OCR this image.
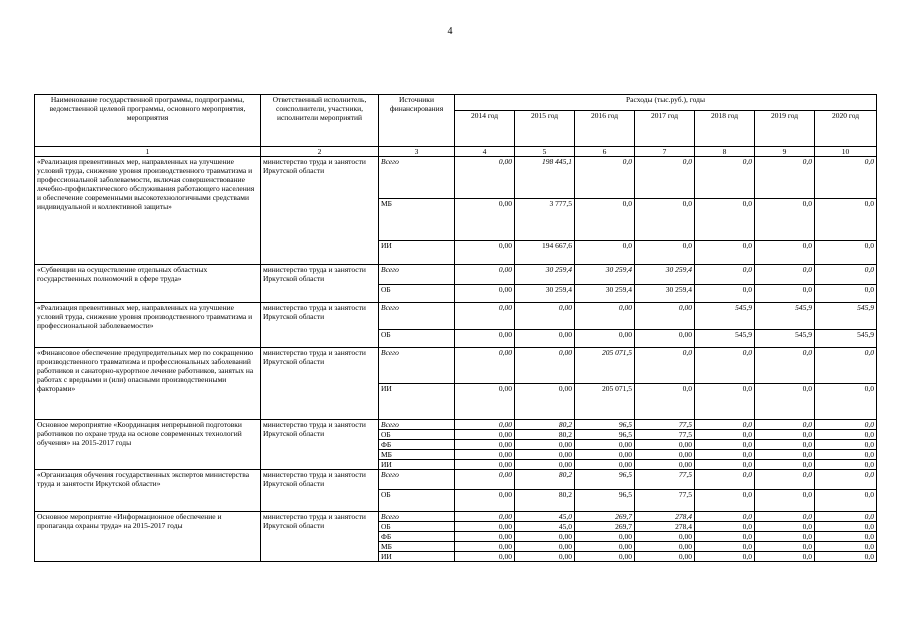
4
Наименование государственной программы, подпрограммы, ведомственной целевой программы, основного мероприятия, мероприятия	Ответственный исполнитель, соисполнители, участники, исполнители мероприятий	Источники финансирования	Расходы (тыс.руб.), годы						
			2014 год	2015 год	2016 год	2017 год	2018 год	2019 год	2020 год
1	2	3	4	5	6	7	8	9	10
«Реализация превентивных мер, направленных на улучшение условий труда, снижение уровня производственного травматизма и профессиональной заболеваемости, включая совершенствование лечебно-профилактического обслуживания работающего населения и обеспечение современными высокотехнологичными средствами индивидуальной и коллективной защиты»	министерство труда и занятости Иркутской области	Всего	0,00	198 445,1	0,0	0,0	0,0	0,0	0,0
		МБ	0,00	3 777,5	0,0	0,0	0,0	0,0	0,0
		ИИ	0,00	194 667,6	0,0	0,0	0,0	0,0	0,0
«Субвенции на осуществление отдельных областных государственных полномочий в сфере труда»	министерство труда и занятости Иркутской области	Всего	0,00	30 259,4	30 259,4	30 259,4	0,0	0,0	0,0
		ОБ	0,00	30 259,4	30 259,4	30 259,4	0,0	0,0	0,0
«Реализация превентивных мер, направленных на улучшение условий труда, снижение уровня производственного травматизма и профессиональной заболеваемости»	министерство труда и занятости Иркутской области	Всего	0,00	0,00	0,00	0,00	545,9	545,9	545,9
		ОБ	0,00	0,00	0,00	0,00	545,9	545,9	545,9
«Финансовое обеспечение предупредительных мер по сокращению производственного травматизма и профессиональных заболеваний работников и санаторно-курортное лечение работников, занятых на работах с вредными и (или) опасными производственными факторами»	министерство труда и занятости Иркутской области	Всего	0,00	0,00	205 071,5	0,0	0,0	0,0	0,0
		ИИ	0,00	0,00	205 071,5	0,0	0,0	0,0	0,0
Основное мероприятие «Координация непрерывной подготовки работников по охране труда на основе современных технологий обучения» на 2015-2017 годы	министерство труда и занятости Иркутской области	Всего	0,00	80,2	96,5	77,5	0,0	0,0	0,0
		ОБ	0,00	80,2	96,5	77,5	0,0	0,0	0,0
		ФБ	0,00	0,00	0,00	0,00	0,0	0,0	0,0
		МБ	0,00	0,00	0,00	0,00	0,0	0,0	0,0
		ИИ	0,00	0,00	0,00	0,00	0,0	0,0	0,0
«Организация обучения государственных экспертов министерства труда и занятости Иркутской области»	министерство труда и занятости Иркутской области	Всего	0,00	80,2	96,5	77,5	0,0	0,0	0,0
		ОБ	0,00	80,2	96,5	77,5	0,0	0,0	0,0
Основное мероприятие «Информационное обеспечение и пропаганда охраны труда» на 2015-2017 годы	министерство труда и занятости Иркутской области	Всего	0,00	45,0	269,7	278,4	0,0	0,0	0,0
		ОБ	0,00	45,0	269,7	278,4	0,0	0,0	0,0
		ФБ	0,00	0,00	0,00	0,00	0,0	0,0	0,0
		МБ	0,00	0,00	0,00	0,00	0,0	0,0	0,0
		ИИ	0,00	0,00	0,00	0,00	0,0	0,0	0,0
